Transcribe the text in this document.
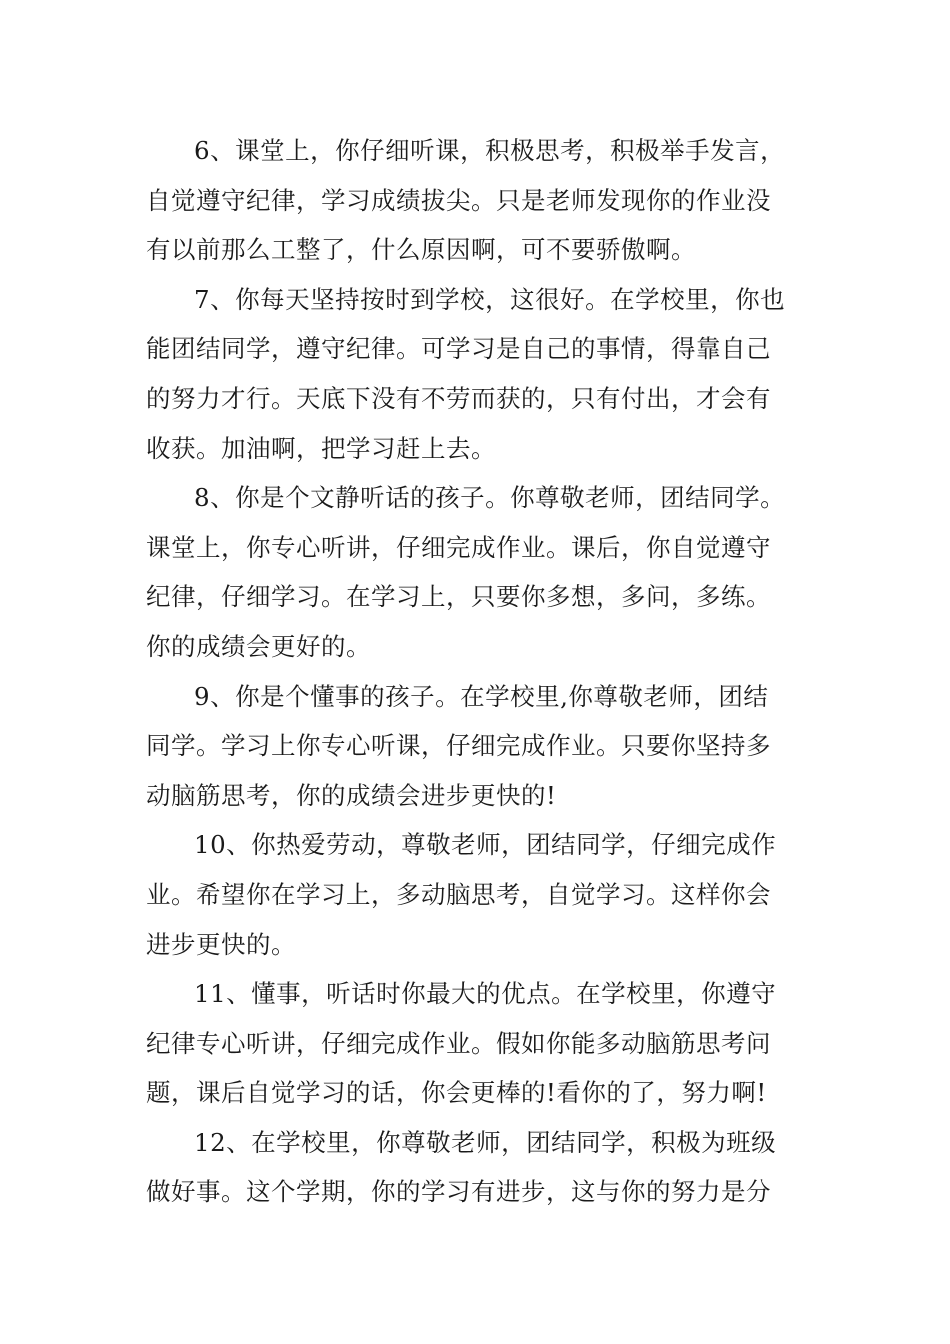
6、课堂上，你仔细听课，积极思考，积极举手发言，
自觉遵守纪律，学习成绩拔尖。只是老师发现你的作业没
有以前那么工整了，什么原因啊，可不要骄傲啊。
7、你每天坚持按时到学校，这很好。在学校里，你也
能团结同学，遵守纪律。可学习是自己的事情，得靠自己
的努力才行。天底下没有不劳而获的，只有付出，才会有
收获。加油啊，把学习赶上去。
8、你是个文静听话的孩子。你尊敬老师，团结同学。
课堂上，你专心听讲，仔细完成作业。课后，你自觉遵守
纪律，仔细学习。在学习上，只要你多想，多问，多练。
你的成绩会更好的。
9、你是个懂事的孩子。在学校里,你尊敬老师，团结
同学。学习上你专心听课，仔细完成作业。只要你坚持多
动脑筋思考，你的成绩会进步更快的!
10、你热爱劳动，尊敬老师，团结同学，仔细完成作
业。希望你在学习上，多动脑思考，自觉学习。这样你会
进步更快的。
11、懂事，听话时你最大的优点。在学校里，你遵守
纪律专心听讲，仔细完成作业。假如你能多动脑筋思考问
题，课后自觉学习的话，你会更棒的!看你的了，努力啊!
12、在学校里，你尊敬老师，团结同学，积极为班级
做好事。这个学期，你的学习有进步，这与你的努力是分
